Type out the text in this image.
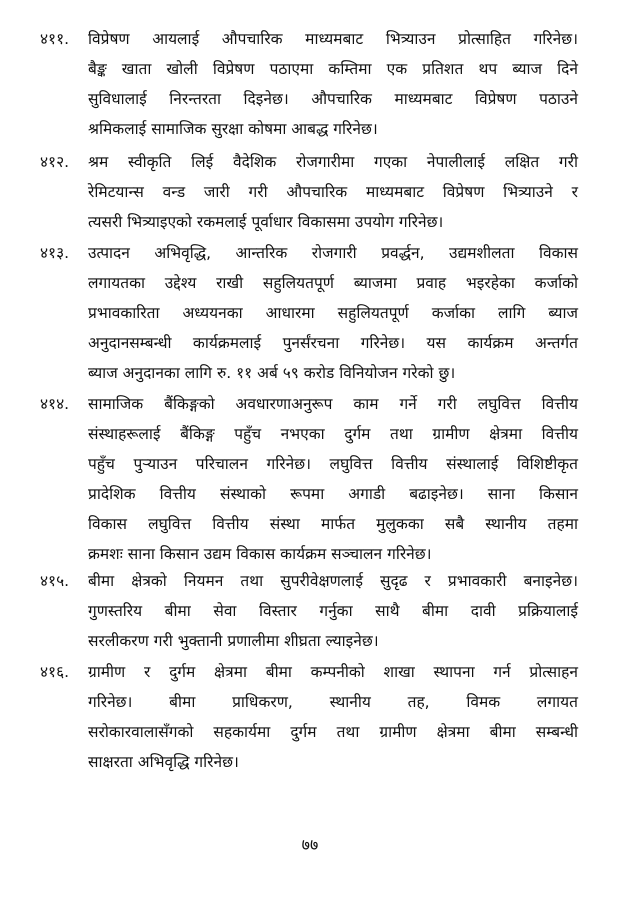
४११.	विप्रेषण आयलाई औपचारिक माध्यमबाट भित्र्याउन प्रोत्साहित गरिनेछ।
बैङ्क खाता खोली विप्रेषण पठाएमा कम्तिमा एक प्रतिशत थप ब्याज दिने
सुविधालाई निरन्तरता दिइनेछ। औपचारिक माध्यमबाट विप्रेषण पठाउने
श्रमिकलाई सामाजिक सुरक्षा कोषमा आबद्ध गरिनेछ।
४१२.	श्रम स्वीकृति लिई वैदेशिक रोजगारीमा गएका नेपालीलाई लक्षित गरी
रेमिटयान्स वन्ड जारी गरी औपचारिक माध्यमबाट विप्रेषण भित्र्याउने र
त्यसरी भित्र्याइएको रकमलाई पूर्वाधार विकासमा उपयोग गरिनेछ।
४१३.	उत्पादन अभिवृद्धि, आन्तरिक रोजगारी प्रवर्द्धन, उद्यमशीलता विकास
लगायतका उद्देश्य राखी सहुलियतपूर्ण ब्याजमा प्रवाह भइरहेका कर्जाको
प्रभावकारिता अध्ययनका आधारमा सहुलियतपूर्ण कर्जाका लागि ब्याज
अनुदानसम्बन्धी कार्यक्रमलाई पुनर्संरचना गरिनेछ। यस कार्यक्रम अन्तर्गत
ब्याज अनुदानका लागि रु. ११ अर्ब ५९ करोड विनियोजन गरेको छु।
४१४.	सामाजिक बैंकिङ्गको अवधारणाअनुरूप काम गर्ने गरी लघुवित्त वित्तीय
संस्थाहरूलाई बैंकिङ्ग पहुँच नभएका दुर्गम तथा ग्रामीण क्षेत्रमा वित्तीय
पहुँच पुऱ्याउन परिचालन गरिनेछ। लघुवित्त वित्तीय संस्थालाई विशिष्टीकृत
प्रादेशिक वित्तीय संस्थाको रूपमा अगाडी बढाइनेछ। साना किसान
विकास लघुवित्त वित्तीय संस्था मार्फत मुलुकका सबै स्थानीय तहमा
क्रमशः साना किसान उद्यम विकास कार्यक्रम सञ्चालन गरिनेछ।
४१५.	बीमा क्षेत्रको नियमन तथा सुपरीवेक्षणलाई सुदृढ र प्रभावकारी बनाइनेछ।
गुणस्तरिय बीमा सेवा विस्तार गर्नुका साथै बीमा दावी प्रक्रियालाई
सरलीकरण गरी भुक्तानी प्रणालीमा शीघ्रता ल्याइनेछ।
४१६.	ग्रामीण र दुर्गम क्षेत्रमा बीमा कम्पनीको शाखा स्थापना गर्न प्रोत्साहन
गरिनेछ। बीमा प्राधिकरण, स्थानीय तह, विमक लगायत
सरोकारवालासँगको सहकार्यमा दुर्गम तथा ग्रामीण क्षेत्रमा बीमा सम्बन्धी
साक्षरता अभिवृद्धि गरिनेछ।
७७
